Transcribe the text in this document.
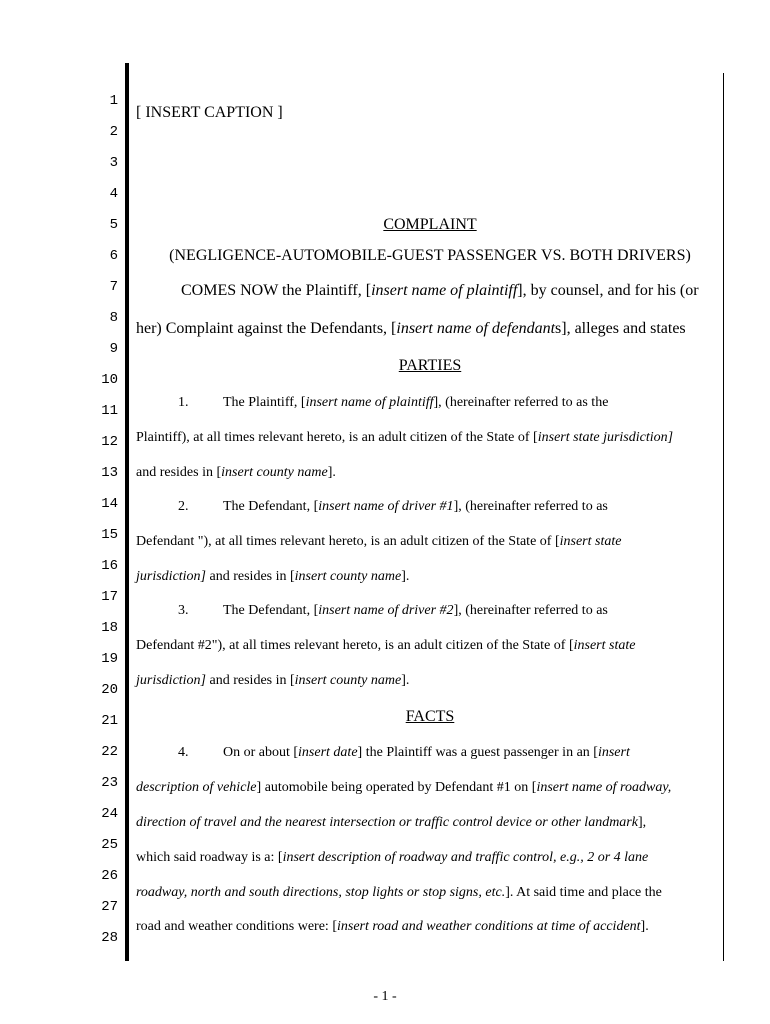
1
2
3
4
5
6
7
8
9
10
11
12
13
14
15
16
17
18
19
20
21
22
23
24
25
26
27
28
[ INSERT CAPTION ]
COMPLAINT
(NEGLIGENCE-AUTOMOBILE-GUEST PASSENGER VS. BOTH DRIVERS)
COMES NOW the Plaintiff, [insert name of plaintiff], by counsel, and for his (or
her) Complaint against the Defendants, [insert name of defendants], alleges and states
PARTIES
1. The Plaintiff, [insert name of plaintiff], (hereinafter referred to as the
Plaintiff), at all times relevant hereto, is an adult citizen of the State of [insert state jurisdiction]
and resides in [insert county name].
2. The Defendant, [insert name of driver #1], (hereinafter referred to as
Defendant "), at all times relevant hereto, is an adult citizen of the State of [insert state
jurisdiction] and resides in [insert county name].
3. The Defendant, [insert name of driver #2], (hereinafter referred to as
Defendant #2"), at all times relevant hereto, is an adult citizen of the State of [insert state
jurisdiction] and resides in [insert county name].
FACTS
4. On or about [insert date] the Plaintiff was a guest passenger in an [insert
description of vehicle] automobile being operated by Defendant #1 on [insert name of roadway,
direction of travel and the nearest intersection or traffic control device or other landmark],
which said roadway is a: [insert description of roadway and traffic control, e.g., 2 or 4 lane
roadway, north and south directions, stop lights or stop signs, etc.]. At said time and place the
road and weather conditions were: [insert road and weather conditions at time of accident].
- 1 -
